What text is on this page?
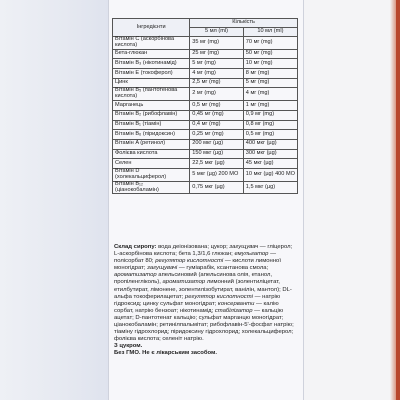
Інгредієнти	Кількість	
	5 мл (ml)	10 мл (ml)
Вітамін С (аскорбінова кислота)	35 мг (mg)	70 мг (mg)
Бета-глюкан	25 мг (mg)	50 мг (mg)
Вітамін B₃ (нікотинамід)	5 мг (mg)	10 мг (mg)
Вітамін E (токоферол)	4 мг (mg)	8 мг (mg)
Цинк	2,5 мг (mg)	5 мг (mg)
Вітамін B₅ (пантотенова кислота)	2 мг (mg)	4 мг (mg)
Марганець	0,5 мг (mg)	1 мг (mg)
Вітамін B₂ (рибофлавін)	0,45 мг (mg)	0,9 мг (mg)
Вітамін B₁ (тіамін)	0,4 мг (mg)	0,8 мг (mg)
Вітамін B₆ (піридоксин)	0,25 мг (mg)	0,5 мг (mg)
Вітамін A (ретинол)	200 мкг (µg)	400 мкг (µg)
Фолієва кислота	150 мкг (µg)	300 мкг (µg)
Селен	22,5 мкг (µg)	45 мкг (µg)
Вітамін D (холекальциферол)	5 мкг (µg) 200 МО	10 мкг (µg) 400 МО
Вітамін B₁₂ (ціанокобаламін)	0,75 мкг (µg)	1,5 мкг (µg)

Склад сиропу: вода деіонізована; цукор; загущувач — гліцерол; L-аскорбінова кислота; бета 1,3/1,6 глюкан; емульгатор — полісорбат 80; регулятор кислотності — кислоти лимонної моногідрат; загущувачі — гуміарабік, ксантанова смола; ароматизатор апельсиновий (апельсинова олія, етанол, пропіленгліколь), ароматизатор лимонний (золентиліцетат, етилбутират, лімонене, золентилізобутират, ванілін, мантол); DL-альфа токоферилацетат; регулятор кислотності — натрію гідроксид; цинку сульфат моногідрат; консерванти — калію сорбат, натрію бензоат; нікотинамід; стабілізатор — кальцію ацетат; D-пантотенат кальцію; сульфат марганцю моногідрат; ціанокобаламін; ретинілпальмітат; рибофлавін-5'-фосфат натрію; тіаміну гідрохлорид; піридоксину гідрохлорид; холекальциферол; фолієва кислота; селеніт натрію.

З цукром.

Без ГМО. Не є лікарським засобом.
